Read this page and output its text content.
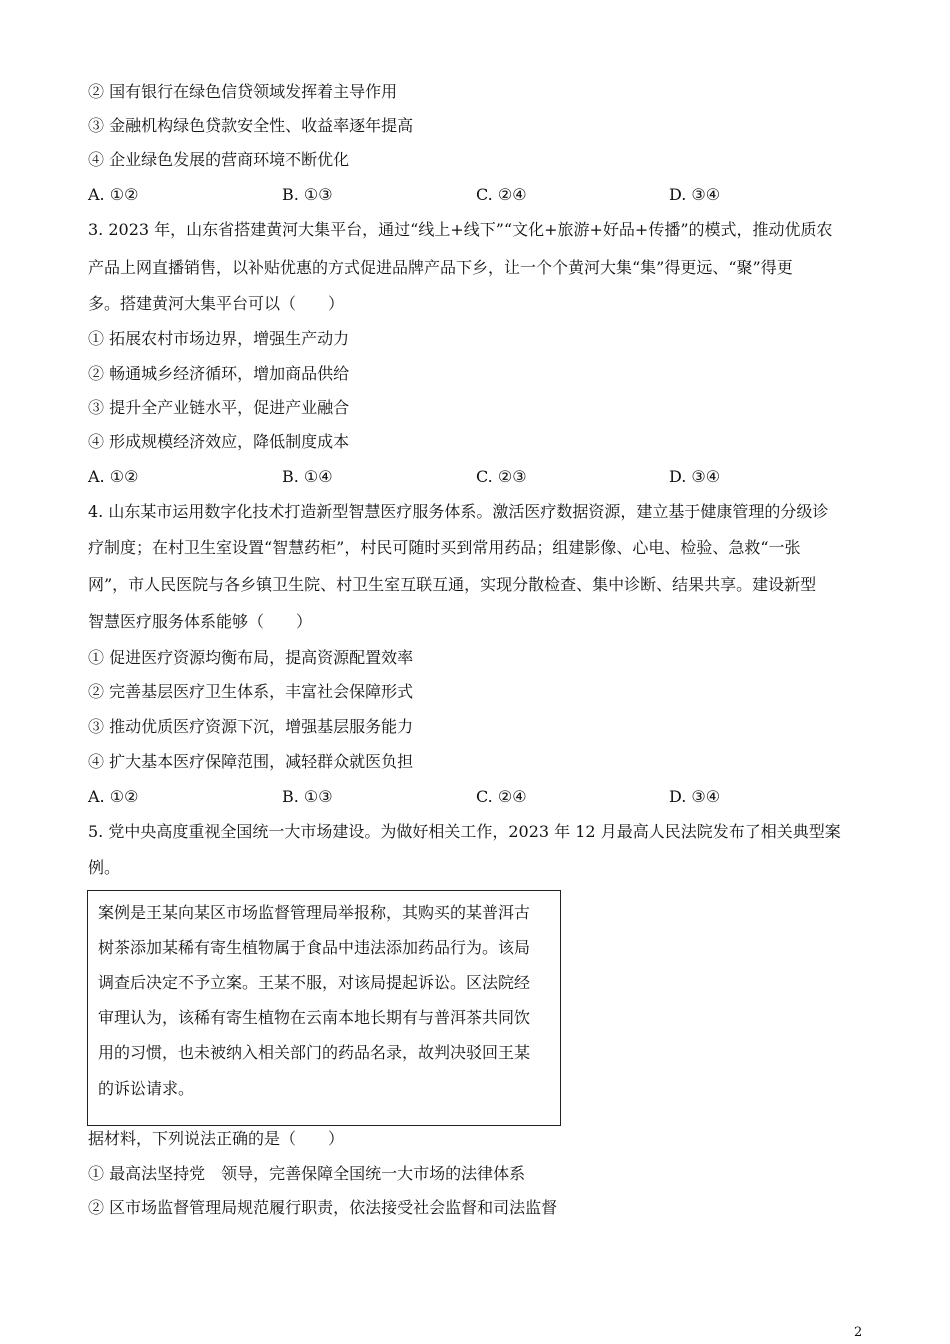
② 国有银行在绿色信贷领域发挥着主导作用
③ 金融机构绿色贷款安全性、收益率逐年提高
④ 企业绿色发展的营商环境不断优化
A. ①②	B. ①③	C. ②④	D. ③④
3. 2023 年，山东省搭建黄河大集平台，通过“线上+线下”“文化+旅游+好品+传播”的模式，推动优质农
产品上网直播销售，以补贴优惠的方式促进品牌产品下乡，让一个个黄河大集“集”得更远、“聚”得更
多。搭建黄河大集平台可以（　　）
① 拓展农村市场边界，增强生产动力
② 畅通城乡经济循环，增加商品供给
③ 提升全产业链水平，促进产业融合
④ 形成规模经济效应，降低制度成本
A. ①②	B. ①④	C. ②③	D. ③④
4. 山东某市运用数字化技术打造新型智慧医疗服务体系。激活医疗数据资源，建立基于健康管理的分级诊
疗制度；在村卫生室设置“智慧药柜”，村民可随时买到常用药品；组建影像、心电、检验、急救“一张
网”，市人民医院与各乡镇卫生院、村卫生室互联互通，实现分散检查、集中诊断、结果共享。建设新型
智慧医疗服务体系能够（　　）
① 促进医疗资源均衡布局，提高资源配置效率
② 完善基层医疗卫生体系，丰富社会保障形式
③ 推动优质医疗资源下沉，增强基层服务能力
④ 扩大基本医疗保障范围，减轻群众就医负担
A. ①②	B. ①③	C. ②④	D. ③④
5. 党中央高度重视全国统一大市场建设。为做好相关工作，2023 年 12 月最高人民法院发布了相关典型案
例。
案例是王某向某区市场监督管理局举报称，其购买的某普洱古
树茶添加某稀有寄生植物属于食品中违法添加药品行为。该局
调查后决定不予立案。王某不服，对该局提起诉讼。区法院经
审理认为，该稀有寄生植物在云南本地长期有与普洱茶共同饮
用的习惯，也未被纳入相关部门的药品名录，故判决驳回王某
的诉讼请求。
据材料，下列说法正确的是（　　）
① 最高法坚持党　领导，完善保障全国统一大市场的法律体系
② 区市场监督管理局规范履行职责，依法接受社会监督和司法监督
2
